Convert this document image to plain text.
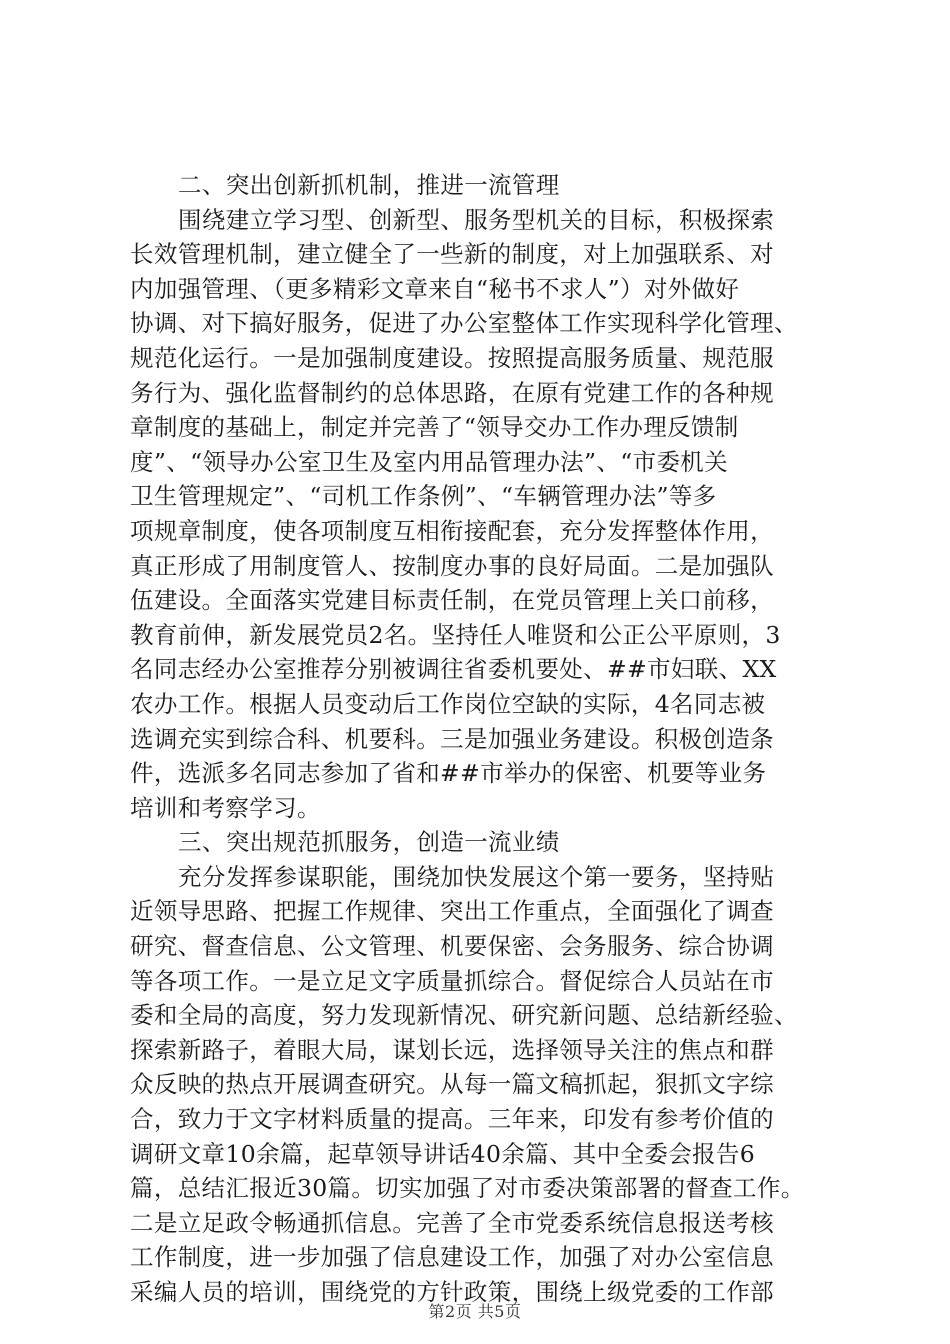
二、突出创新抓机制，推进一流管理
围绕建立学习型、创新型、服务型机关的目标，积极探索
长效管理机制，建立健全了一些新的制度，对上加强联系、对
内加强管理、（更多精彩文章来自“秘书不求人”）对外做好
协调、对下搞好服务，促进了办公室整体工作实现科学化管理、
规范化运行。一是加强制度建设。按照提高服务质量、规范服
务行为、强化监督制约的总体思路，在原有党建工作的各种规
章制度的基础上，制定并完善了“领导交办工作办理反馈制
度”、“领导办公室卫生及室内用品管理办法”、“市委机关
卫生管理规定”、“司机工作条例”、“车辆管理办法”等多
项规章制度，使各项制度互相衔接配套，充分发挥整体作用，
真正形成了用制度管人、按制度办事的良好局面。二是加强队
伍建设。全面落实党建目标责任制，在党员管理上关口前移，
教育前伸，新发展党员2名。坚持任人唯贤和公正公平原则，3
名同志经办公室推荐分别被调往省委机要处、##市妇联、XX
农办工作。根据人员变动后工作岗位空缺的实际，4名同志被
选调充实到综合科、机要科。三是加强业务建设。积极创造条
件，选派多名同志参加了省和##市举办的保密、机要等业务
培训和考察学习。
三、突出规范抓服务，创造一流业绩
充分发挥参谋职能，围绕加快发展这个第一要务，坚持贴
近领导思路、把握工作规律、突出工作重点，全面强化了调查
研究、督查信息、公文管理、机要保密、会务服务、综合协调
等各项工作。一是立足文字质量抓综合。督促综合人员站在市
委和全局的高度，努力发现新情况、研究新问题、总结新经验、
探索新路子，着眼大局，谋划长远，选择领导关注的焦点和群
众反映的热点开展调查研究。从每一篇文稿抓起，狠抓文字综
合，致力于文字材料质量的提高。三年来，印发有参考价值的
调研文章10余篇，起草领导讲话40余篇、其中全委会报告6
篇，总结汇报近30篇。切实加强了对市委决策部署的督查工作。
二是立足政令畅通抓信息。完善了全市党委系统信息报送考核
工作制度，进一步加强了信息建设工作，加强了对办公室信息
采编人员的培训，围绕党的方针政策，围绕上级党委的工作部
第2页 共5页
